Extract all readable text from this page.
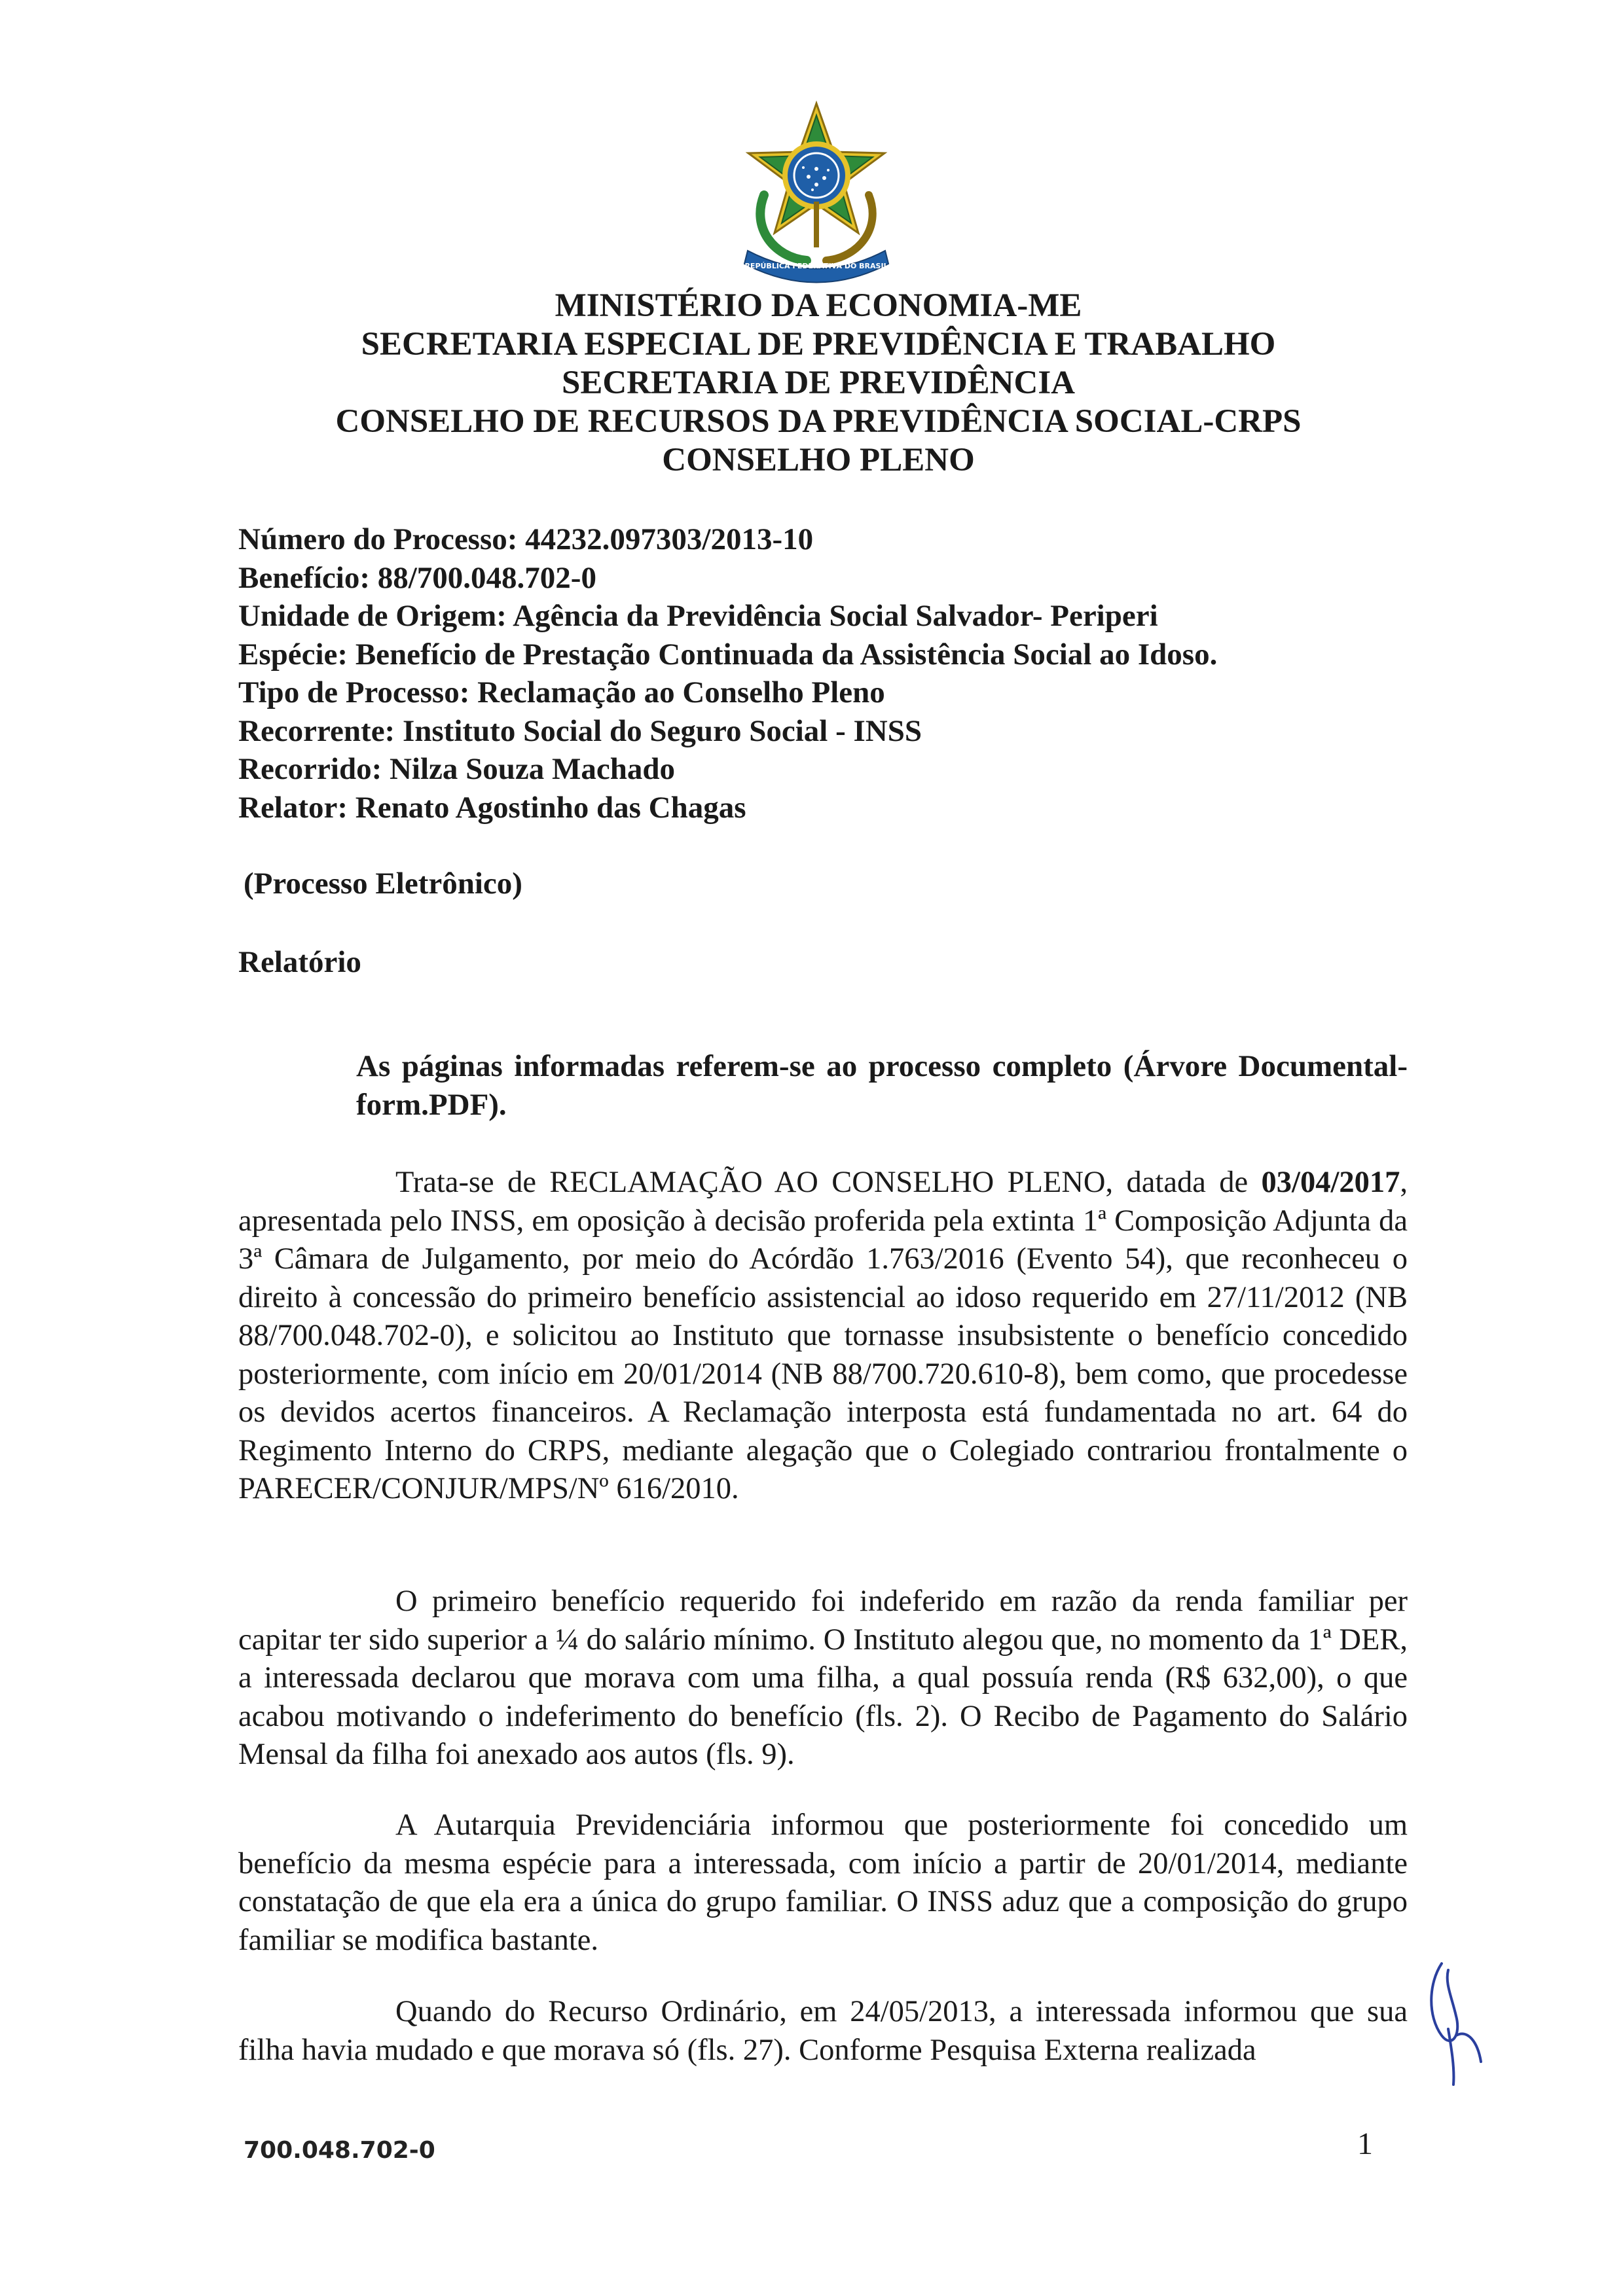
REPÚBLICA FEDERATIVA DO BRASIL
MINISTÉRIO DA ECONOMIA-ME
SECRETARIA ESPECIAL DE PREVIDÊNCIA E TRABALHO
SECRETARIA DE PREVIDÊNCIA
CONSELHO DE RECURSOS DA PREVIDÊNCIA SOCIAL-CRPS
CONSELHO PLENO
Número do Processo: 44232.097303/2013-10
Benefício: 88/700.048.702-0
Unidade de Origem: Agência da Previdência Social Salvador- Periperi
Espécie: Benefício de Prestação Continuada da Assistência Social ao Idoso.
Tipo de Processo: Reclamação ao Conselho Pleno
Recorrente: Instituto Social do Seguro Social - INSS
Recorrido: Nilza Souza Machado
Relator: Renato Agostinho das Chagas
(Processo Eletrônico)
Relatório
As páginas informadas referem-se ao processo completo (Árvore Documental-form.PDF).
Trata-se de RECLAMAÇÃO AO CONSELHO PLENO, datada de 03/04/2017, apresentada pelo INSS, em oposição à decisão proferida pela extinta 1ª Composição Adjunta da 3ª Câmara de Julgamento, por meio do Acórdão 1.763/2016 (Evento 54), que reconheceu o direito à concessão do primeiro benefício assistencial ao idoso requerido em 27/11/2012 (NB 88/700.048.702-0), e solicitou ao Instituto que tornasse insubsistente o benefício concedido posteriormente, com início em 20/01/2014 (NB 88/700.720.610-8), bem como, que procedesse os devidos acertos financeiros. A Reclamação interposta está fundamentada no art. 64 do Regimento Interno do CRPS, mediante alegação que o Colegiado contrariou frontalmente o PARECER/CONJUR/MPS/Nº 616/2010.
O primeiro benefício requerido foi indeferido em razão da renda familiar per capitar ter sido superior a ¼ do salário mínimo. O Instituto alegou que, no momento da 1ª DER, a interessada declarou que morava com uma filha, a qual possuía renda (R$ 632,00), o que acabou motivando o indeferimento do benefício (fls. 2). O Recibo de Pagamento do Salário Mensal da filha foi anexado aos autos (fls. 9).
A Autarquia Previdenciária informou que posteriormente foi concedido um benefício da mesma espécie para a interessada, com início a partir de 20/01/2014, mediante constatação de que ela era a única do grupo familiar. O INSS aduz que a composição do grupo familiar se modifica bastante.
Quando do Recurso Ordinário, em 24/05/2013, a interessada informou que sua filha havia mudado e que morava só (fls. 27). Conforme Pesquisa Externa realizada
700.048.702-0	1
